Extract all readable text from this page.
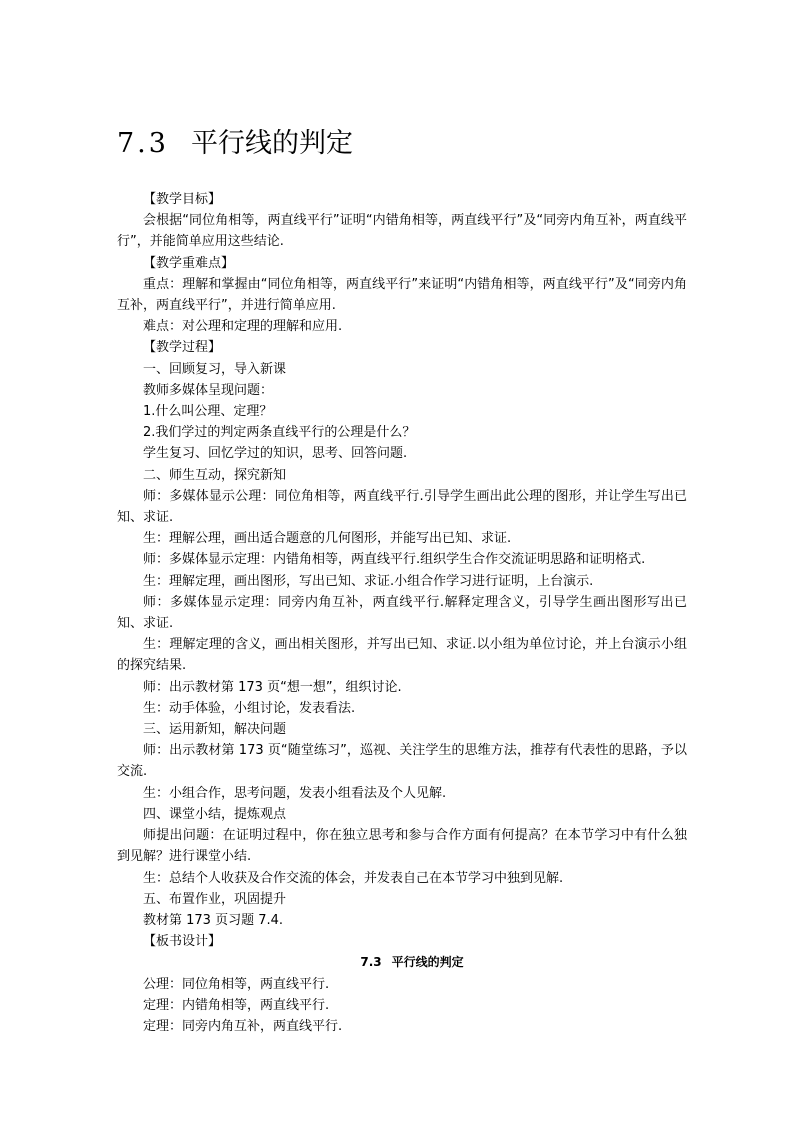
7.3 平行线的判定

【教学目标】

会根据“同位角相等，两直线平行”证明“内错角相等，两直线平行”及“同旁内角互补，两直线平行”，并能简单应用这些结论.

【教学重难点】

重点：理解和掌握由“同位角相等，两直线平行”来证明“内错角相等，两直线平行”及“同旁内角互补，两直线平行”，并进行简单应用.

难点：对公理和定理的理解和应用.

【教学过程】

一、回顾复习，导入新课

教师多媒体呈现问题：

1.什么叫公理、定理？

2.我们学过的判定两条直线平行的公理是什么？

学生复习、回忆学过的知识，思考、回答问题.

二、师生互动，探究新知

师：多媒体显示公理：同位角相等，两直线平行.引导学生画出此公理的图形，并让学生写出已知、求证.

生：理解公理，画出适合题意的几何图形，并能写出已知、求证.

师：多媒体显示定理：内错角相等，两直线平行.组织学生合作交流证明思路和证明格式.

生：理解定理，画出图形，写出已知、求证.小组合作学习进行证明，上台演示.

师：多媒体显示定理：同旁内角互补，两直线平行.解释定理含义，引导学生画出图形写出已知、求证.

生：理解定理的含义，画出相关图形，并写出已知、求证.以小组为单位讨论，并上台演示小组的探究结果.

师：出示教材第 173 页“想一想”，组织讨论.

生：动手体验，小组讨论，发表看法.

三、运用新知，解决问题

师：出示教材第 173 页“随堂练习”，巡视、关注学生的思维方法，推荐有代表性的思路，予以交流.

生：小组合作，思考问题，发表小组看法及个人见解.

四、课堂小结，提炼观点

师提出问题：在证明过程中，你在独立思考和参与合作方面有何提高？在本节学习中有什么独到见解？进行课堂小结.

生：总结个人收获及合作交流的体会，并发表自己在本节学习中独到见解.

五、布置作业，巩固提升

教材第 173 页习题 7.4.

【板书设计】

7.3 平行线的判定

公理：同位角相等，两直线平行.

定理：内错角相等，两直线平行.

定理：同旁内角互补，两直线平行.
